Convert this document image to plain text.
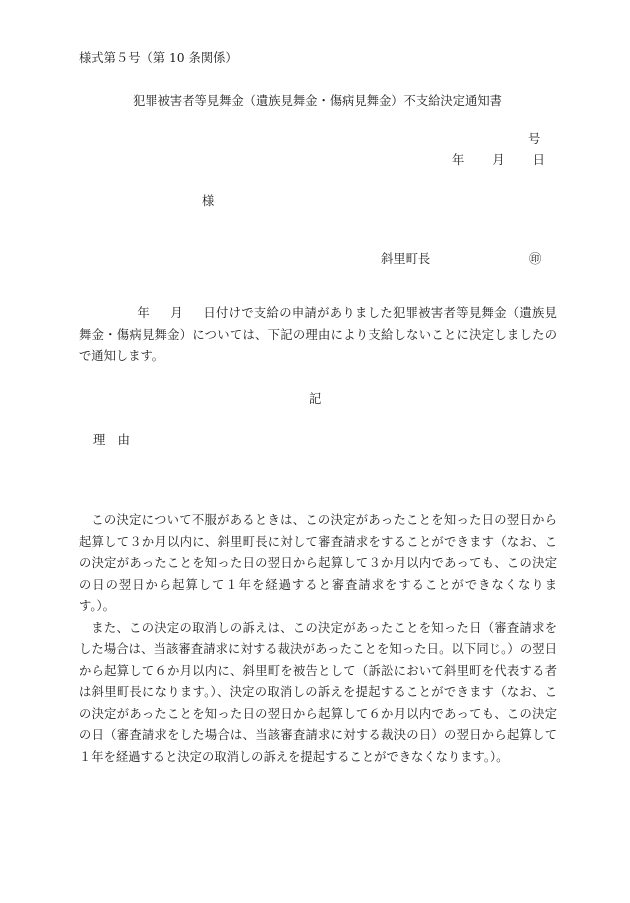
様式第５号（第 10 条関係）
犯罪被害者等見舞金（遺族見舞金・傷病見舞金）不支給決定通知書
号
年 月 日
様
斜里町長	㊞
年 月 日付けで支給の申請がありました犯罪被害者等見舞金（遺族見舞金・傷病見舞金）については、下記の理由により支給しないことに決定しましたので通知します。
記
理　由

この決定について不服があるときは、この決定があったことを知った日の翌日から起算して３か月以内に、斜里町長に対して審査請求をすることができます（なお、この決定があったことを知った日の翌日から起算して３か月以内であっても、この決定の日の翌日から起算して１年を経過すると審査請求をすることができなくなります。）。

また、この決定の取消しの訴えは、この決定があったことを知った日（審査請求をした場合は、当該審査請求に対する裁決があったことを知った日。以下同じ。）の翌日から起算して６か月以内に、斜里町を被告として（訴訟において斜里町を代表する者は斜里町長になります。）、決定の取消しの訴えを提起することができます（なお、この決定があったことを知った日の翌日から起算して６か月以内であっても、この決定の日（審査請求をした場合は、当該審査請求に対する裁決の日）の翌日から起算して１年を経過すると決定の取消しの訴えを提起することができなくなります。）。
